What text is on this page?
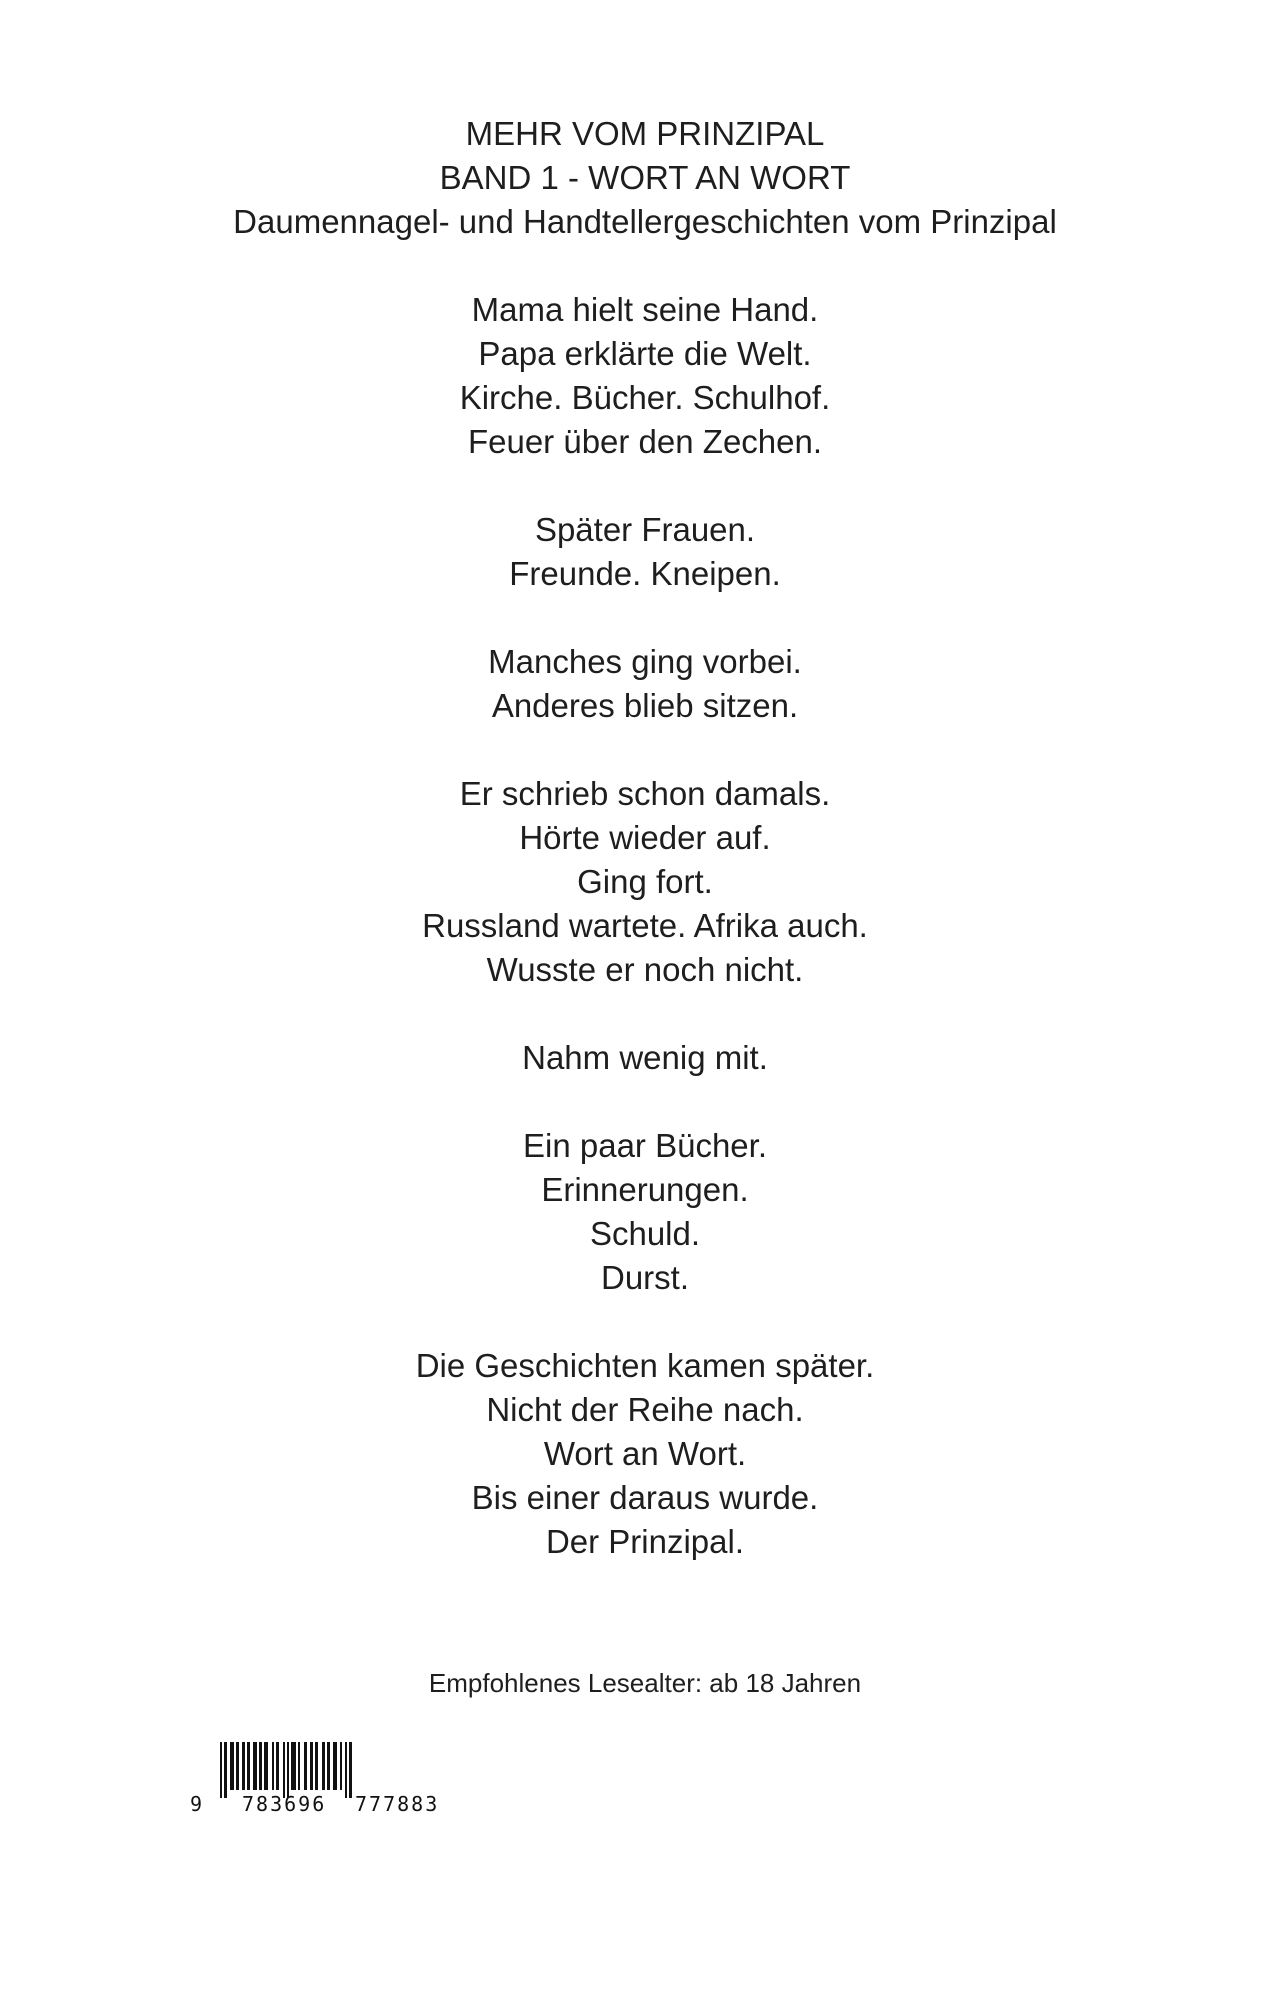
MEHR VOM PRINZIPAL
BAND 1 - WORT AN WORT
Daumennagel- und Handtellergeschichten vom Prinzipal
Mama hielt seine Hand.
Papa erklärte die Welt.
Kirche. Bücher. Schulhof.
Feuer über den Zechen.
Später Frauen.
Freunde. Kneipen.
Manches ging vorbei.
Anderes blieb sitzen.
Er schrieb schon damals.
Hörte wieder auf.
Ging fort.
Russland wartete. Afrika auch.
Wusste er noch nicht.
Nahm wenig mit.
Ein paar Bücher.
Erinnerungen.
Schuld.
Durst.
Die Geschichten kamen später.
Nicht der Reihe nach.
Wort an Wort.
Bis einer daraus wurde.
Der Prinzipal.
Empfohlenes Lesealter: ab 18 Jahren
9 783696 777883
